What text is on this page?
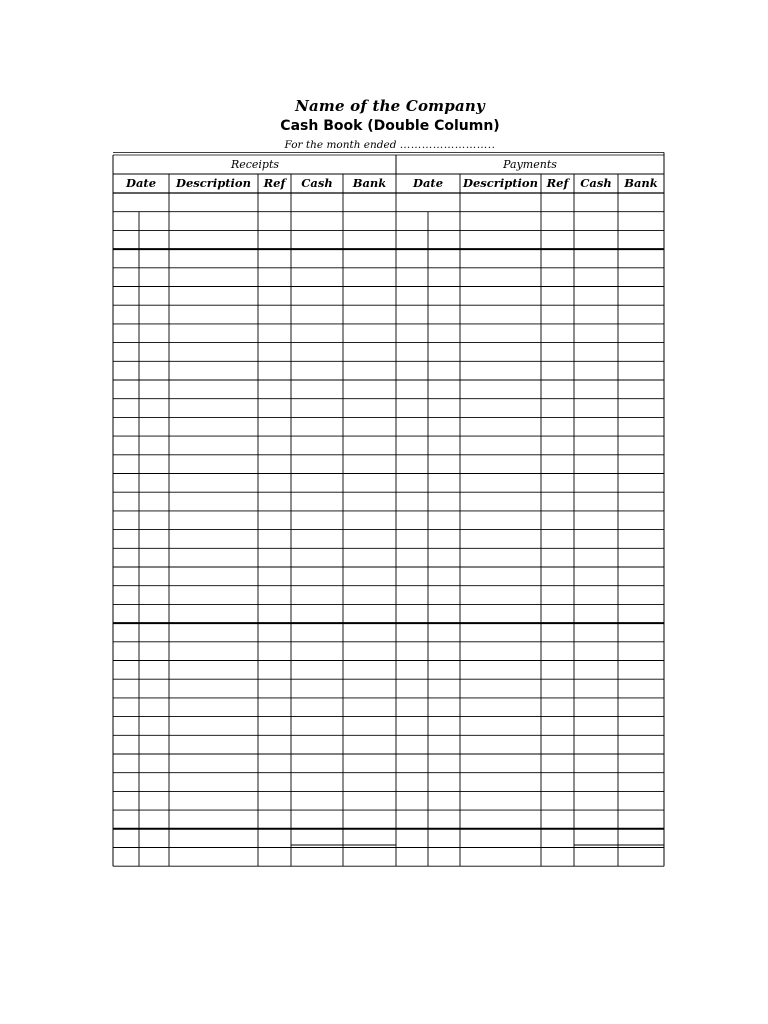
Name of the Company
Cash Book (Double Column)
For the month ended ……………………..
Receipts	Payments
Date Description Ref Cash Bank Date Description Ref Cash Bank
